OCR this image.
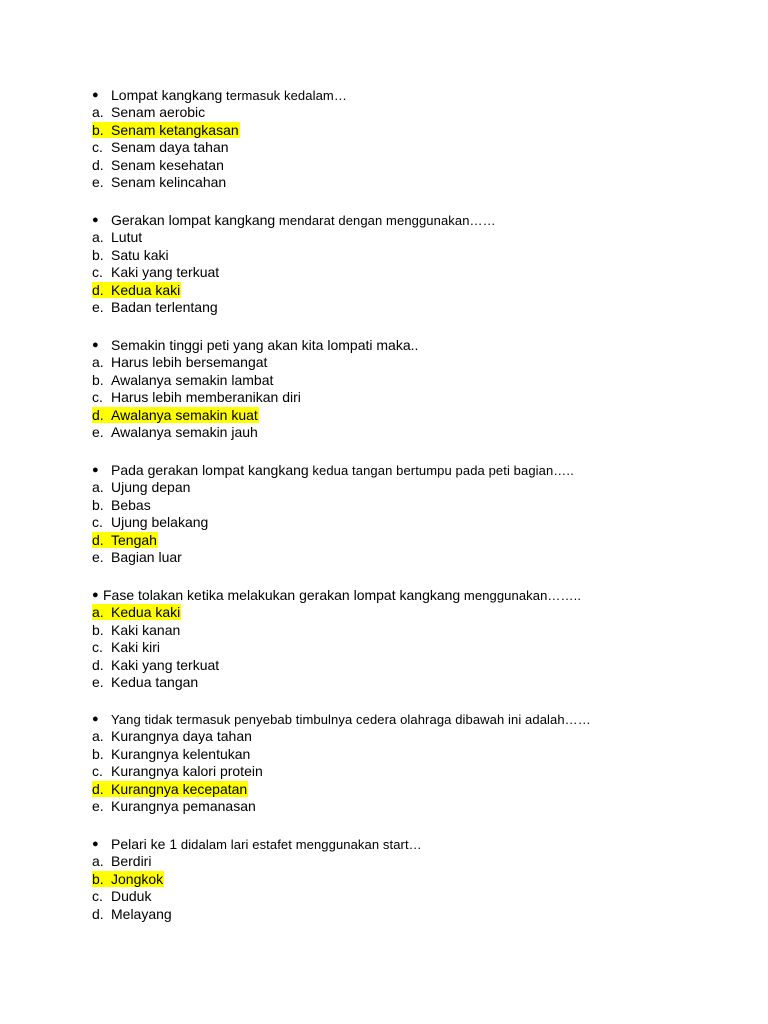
● Lompat kangkang termasuk kedalam…
a. Senam aerobic
b. Senam ketangkasan
c. Senam daya tahan
d. Senam kesehatan
e. Senam kelincahan
● Gerakan lompat kangkang mendarat dengan menggunakan……
a. Lutut
b. Satu kaki
c. Kaki yang terkuat
d. Kedua kaki
e. Badan terlentang
● Semakin tinggi peti yang akan kita lompati maka..
a. Harus lebih bersemangat
b. Awalanya semakin lambat
c. Harus lebih memberanikan diri
d. Awalanya semakin kuat
e. Awalanya semakin jauh
● Pada gerakan lompat kangkang kedua tangan bertumpu pada peti bagian…..
a. Ujung depan
b. Bebas
c. Ujung belakang
d. Tengah
e. Bagian luar
● Fase tolakan ketika melakukan gerakan lompat kangkang menggunakan……..
a. Kedua kaki
b. Kaki kanan
c. Kaki kiri
d. Kaki yang terkuat
e. Kedua tangan
● Yang tidak termasuk penyebab timbulnya cedera olahraga dibawah ini adalah……
a. Kurangnya daya tahan
b. Kurangnya kelentukan
c. Kurangnya kalori protein
d. Kurangnya kecepatan
e. Kurangnya pemanasan
● Pelari ke 1 didalam lari estafet menggunakan start…
a. Berdiri
b. Jongkok
c. Duduk
d. Melayang
